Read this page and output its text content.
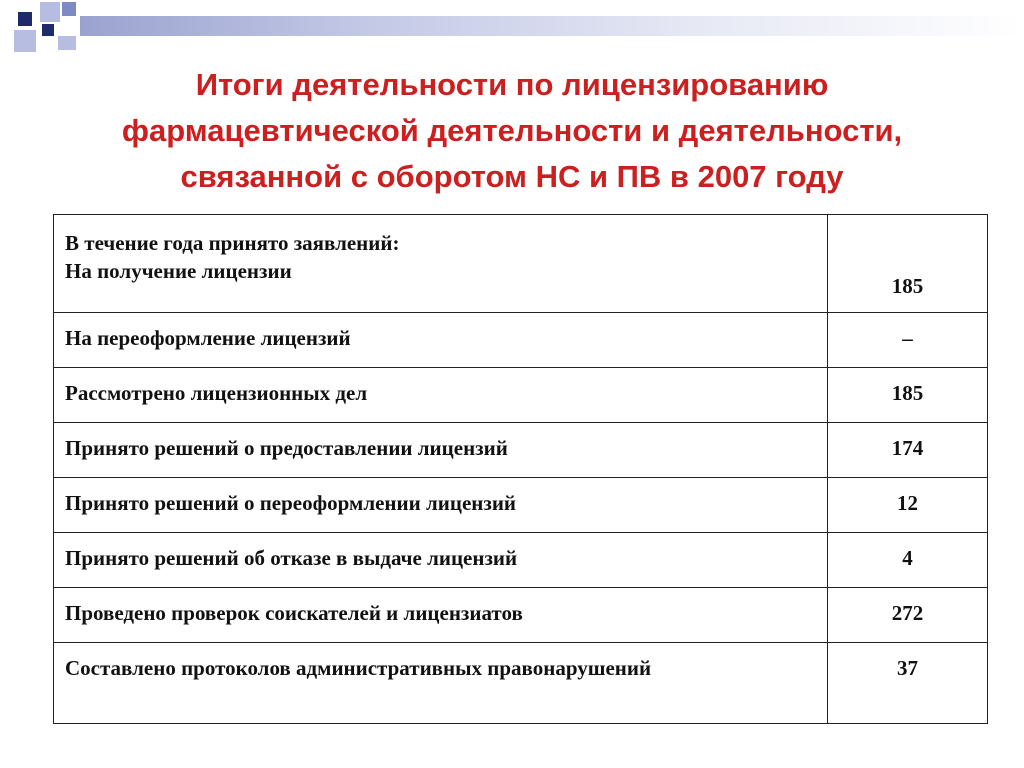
Итоги деятельности по лицензированию
фармацевтической деятельности и деятельности,
связанной с оборотом НС и ПВ в 2007 году
В течение года принято заявлений:
На получение лицензии	185
На переоформление лицензий	–
Рассмотрено лицензионных дел	185
Принято решений о предоставлении лицензий	174
Принято решений о переоформлении лицензий	12
Принято решений об отказе в выдаче лицензий	4
Проведено проверок соискателей и лицензиатов	272
Составлено протоколов административных правонарушений	37
